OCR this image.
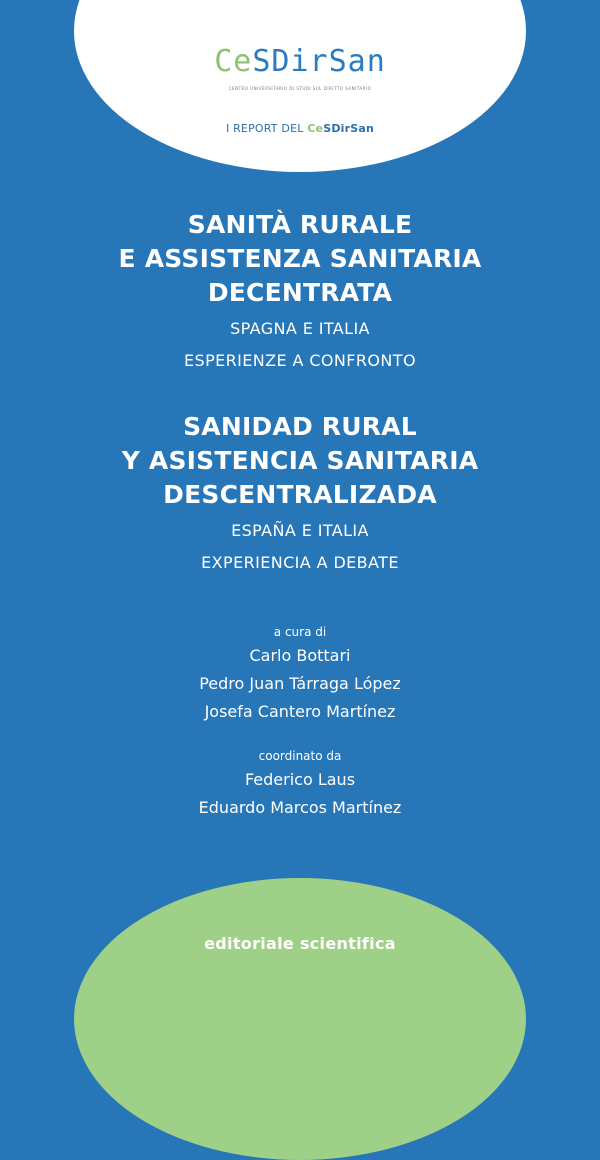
CeSDirSan
CENTRO UNIVERSITARIO DI STUDI SUL DIRITTO SANITARIO
I REPORT DEL CeSDirSan
SANITÀ RURALE
E ASSISTENZA SANITARIA
DECENTRATA
SPAGNA E ITALIA
ESPERIENZE A CONFRONTO
SANIDAD RURAL
Y ASISTENCIA SANITARIA
DESCENTRALIZADA
ESPAÑA E ITALIA
EXPERIENCIA A DEBATE
a cura di
Carlo Bottari
Pedro Juan Tárraga López
Josefa Cantero Martínez
coordinato da
Federico Laus
Eduardo Marcos Martínez
editoriale scientifica
